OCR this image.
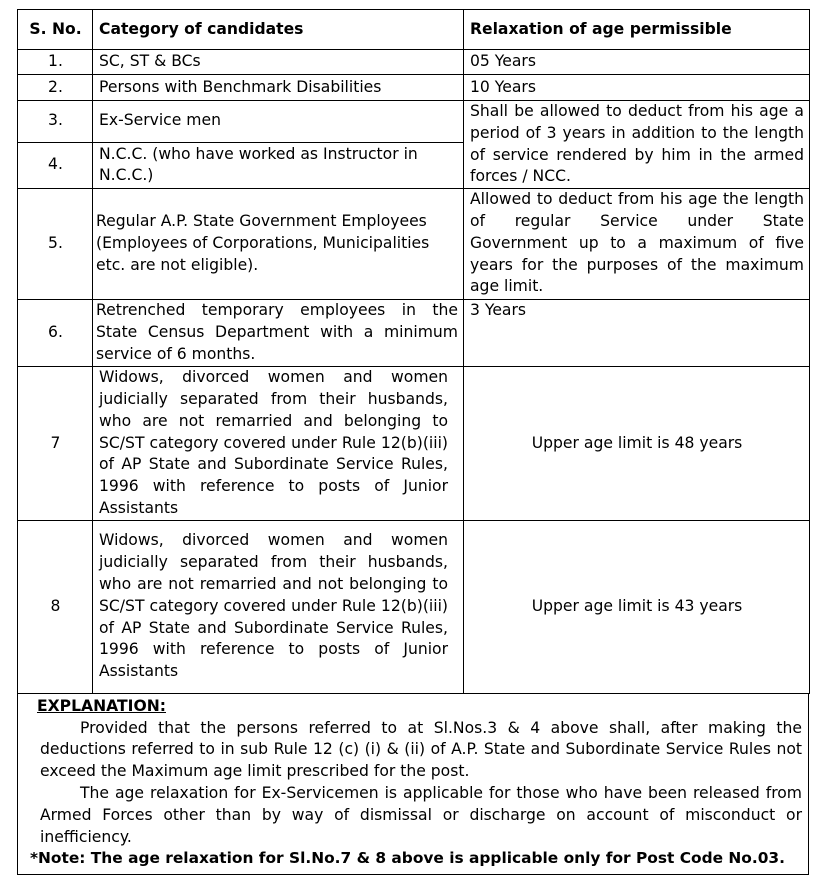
S. No.	Category of candidates	Relaxation of age permissible
1.	SC, ST & BCs	05 Years
2.	Persons with Benchmark Disabilities	10 Years
3.	Ex-Service men	Shall be allowed to deduct from his age a period of 3 years in addition to the length of service rendered by him in the armed forces / NCC.
4.	N.C.C. (who have worked as Instructor in N.C.C.)	
5.	Regular A.P. State Government Employees (Employees of Corporations, Municipalities etc. are not eligible).	Allowed to deduct from his age the length of regular Service under State Government up to a maximum of five years for the purposes of the maximum age limit.
6.	Retrenched temporary employees in the State Census Department with a minimum service of 6 months.	3 Years
7	Widows, divorced women and women judicially separated from their husbands, who are not remarried and belonging to SC/ST category covered under Rule 12(b)(iii) of AP State and Subordinate Service Rules, 1996 with reference to posts of Junior Assistants	Upper age limit is 48 years
8	Widows, divorced women and women judicially separated from their husbands, who are not remarried and not belonging to SC/ST category covered under Rule 12(b)(iii) of AP State and Subordinate Service Rules, 1996 with reference to posts of Junior Assistants	Upper age limit is 43 years
EXPLANATION:

Provided that the persons referred to at Sl.Nos.3 & 4 above shall, after making the deductions referred to in sub Rule 12 (c) (i) & (ii) of A.P. State and Subordinate Service Rules not exceed the Maximum age limit prescribed for the post.

The age relaxation for Ex-Servicemen is applicable for those who have been released from Armed Forces other than by way of dismissal or discharge on account of misconduct or inefficiency.

*Note: The age relaxation for Sl.No.7 & 8 above is applicable only for Post Code No.03.
